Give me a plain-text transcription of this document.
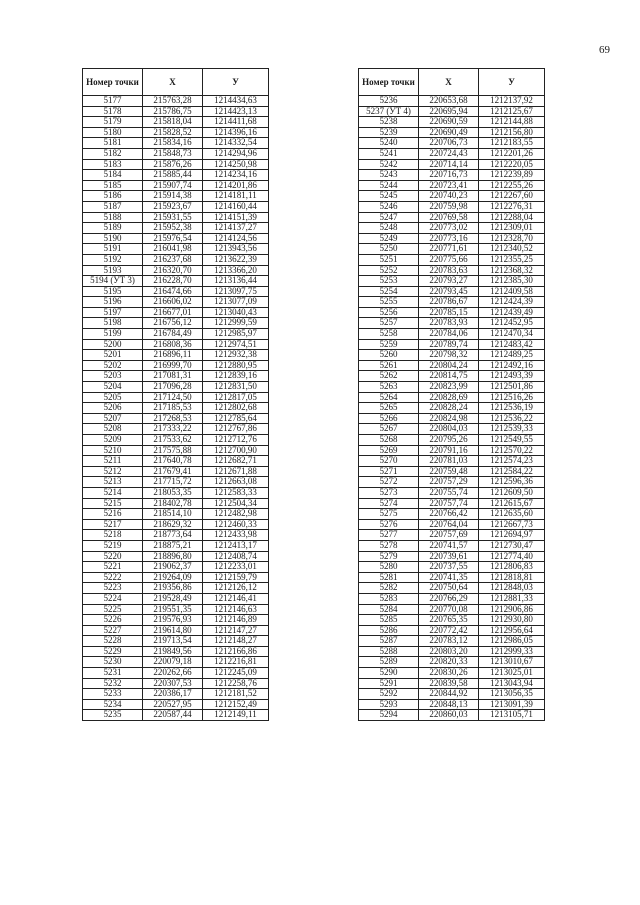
69
Номер точки	X	У
5177	215763,28	1214434,63
5178	215786,75	1214423,13
5179	215818,04	1214411,68
5180	215828,52	1214396,16
5181	215834,16	1214332,54
5182	215848,73	1214294,96
5183	215876,26	1214250,98
5184	215885,44	1214234,16
5185	215907,74	1214201,86
5186	215914,38	1214181,11
5187	215923,67	1214160,44
5188	215931,55	1214151,39
5189	215952,38	1214137,27
5190	215976,54	1214124,56
5191	216041,98	1213943,56
5192	216237,68	1213622,39
5193	216320,70	1213366,20
5194 (УТ 3)	216228,70	1213136,44
5195	216474,66	1213097,75
5196	216606,02	1213077,09
5197	216677,01	1213040,43
5198	216756,12	1212999,59
5199	216784,49	1212985,97
5200	216808,36	1212974,51
5201	216896,11	1212932,38
5202	216999,70	1212880,95
5203	217081,31	1212839,16
5204	217096,28	1212831,50
5205	217124,50	1212817,05
5206	217185,53	1212802,68
5207	217268,53	1212785,64
5208	217333,22	1212767,86
5209	217533,62	1212712,76
5210	217575,88	1212700,90
5211	217640,78	1212682,71
5212	217679,41	1212671,88
5213	217715,72	1212663,08
5214	218053,35	1212583,33
5215	218402,78	1212504,34
5216	218514,10	1212482,98
5217	218629,32	1212460,33
5218	218773,64	1212433,98
5219	218875,21	1212413,17
5220	218896,80	1212408,74
5221	219062,37	1212233,01
5222	219264,09	1212159,79
5223	219356,86	1212126,12
5224	219528,49	1212146,41
5225	219551,35	1212146,63
5226	219576,93	1212146,89
5227	219614,80	1212147,27
5228	219713,54	1212148,27
5229	219849,56	1212166,86
5230	220079,18	1212216,81
5231	220262,66	1212245,09
5232	220307,53	1212258,76
5233	220386,17	1212181,52
5234	220527,95	1212152,49
5235	220587,44	1212149,11
Номер точки	X	У
5236	220653,68	1212137,92
5237 (УТ 4)	220695,94	1212125,67
5238	220690,59	1212144,88
5239	220690,49	1212156,80
5240	220706,73	1212183,55
5241	220724,43	1212201,26
5242	220714,14	1212220,05
5243	220716,73	1212239,89
5244	220723,41	1212255,26
5245	220740,23	1212267,60
5246	220759,98	1212276,31
5247	220769,58	1212288,04
5248	220773,02	1212309,01
5249	220773,16	1212328,70
5250	220771,61	1212340,52
5251	220775,66	1212355,25
5252	220783,63	1212368,32
5253	220793,27	1212385,30
5254	220793,45	1212409,58
5255	220786,67	1212424,39
5256	220785,15	1212439,49
5257	220783,93	1212452,95
5258	220784,06	1212470,34
5259	220789,74	1212483,42
5260	220798,32	1212489,25
5261	220804,24	1212492,16
5262	220814,75	1212493,39
5263	220823,99	1212501,86
5264	220828,69	1212516,26
5265	220828,24	1212536,19
5266	220824,98	1212536,22
5267	220804,03	1212539,33
5268	220795,26	1212549,55
5269	220791,16	1212570,22
5270	220781,03	1212574,23
5271	220759,48	1212584,22
5272	220757,29	1212596,36
5273	220755,74	1212609,50
5274	220757,74	1212615,67
5275	220766,42	1212635,60
5276	220764,04	1212667,73
5277	220757,69	1212694,97
5278	220741,57	1212730,47
5279	220739,61	1212774,40
5280	220737,55	1212806,83
5281	220741,35	1212818,81
5282	220750,64	1212848,03
5283	220766,29	1212881,33
5284	220770,08	1212906,86
5285	220765,35	1212930,80
5286	220772,42	1212956,64
5287	220783,12	1212986,05
5288	220803,20	1212999,33
5289	220820,33	1213010,67
5290	220830,26	1213025,01
5291	220839,58	1213043,94
5292	220844,92	1213056,35
5293	220848,13	1213091,39
5294	220860,03	1213105,71
